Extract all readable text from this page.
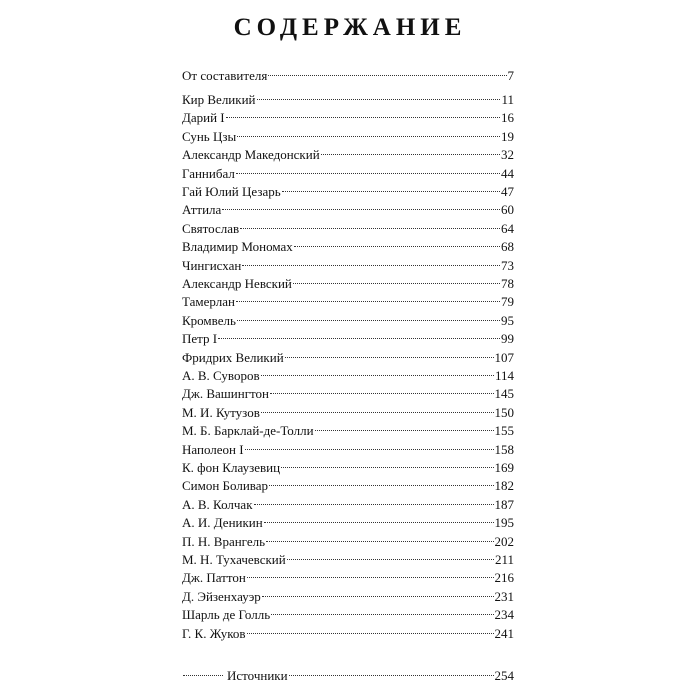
СОДЕРЖАНИЕ
От составителя	7
Кир Великий	11
Дарий I	16
Сунь Цзы	19
Александр Македонский	32
Ганнибал	44
Гай Юлий Цезарь	47
Аттила	60
Святослав	64
Владимир Мономах	68
Чингисхан	73
Александр Невский	78
Тамерлан	79
Кромвель	95
Петр I	99
Фридрих Великий	107
А. В. Суворов	114
Дж. Вашингтон	145
М. И. Кутузов	150
М. Б. Барклай-де-Толли	155
Наполеон I	158
К. фон Клаузевиц	169
Симон Боливар	182
А. В. Колчак	187
А. И. Деникин	195
П. Н. Врангель	202
М. Н. Тухачевский	211
Дж. Паттон	216
Д. Эйзенхауэр	231
Шарль де Голль	234
Г. К. Жуков	241
Источники	254
